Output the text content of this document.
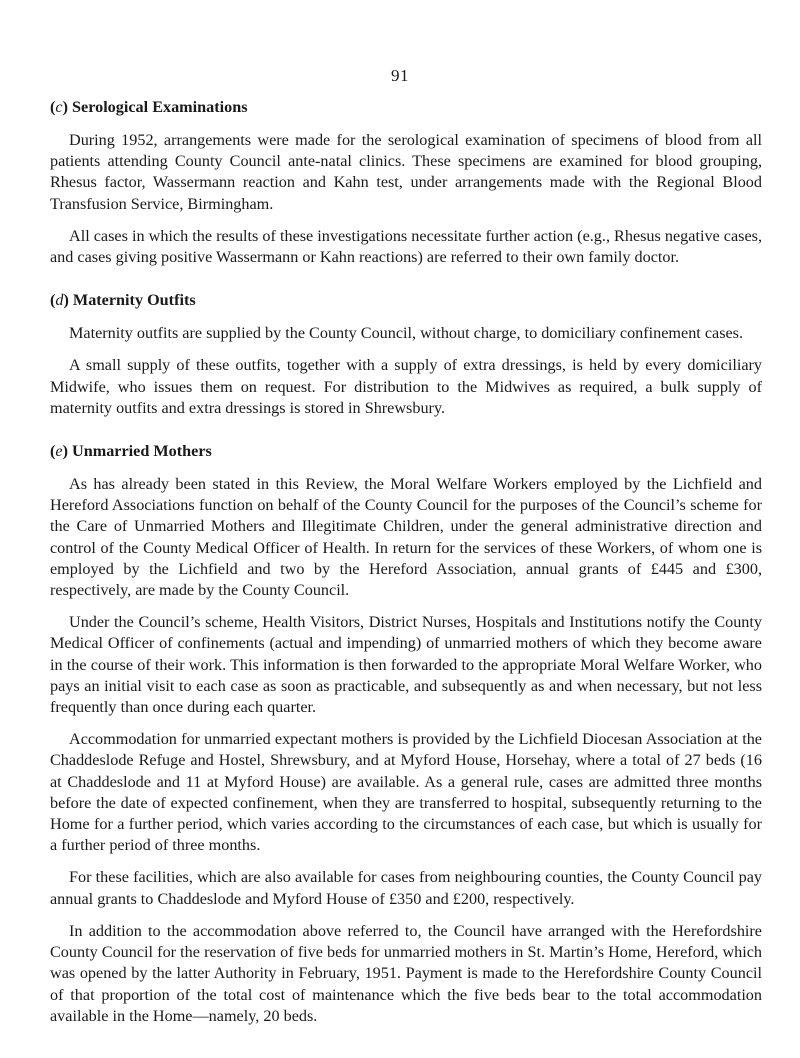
91
(c) Serological Examinations

During 1952, arrangements were made for the serological examination of specimens of blood from all patients attending County Council ante-natal clinics. These specimens are examined for blood grouping, Rhesus factor, Wassermann reaction and Kahn test, under arrangements made with the Regional Blood Transfusion Service, Birmingham.

All cases in which the results of these investigations necessitate further action (e.g., Rhesus negative cases, and cases giving positive Wassermann or Kahn reactions) are referred to their own family doctor.

(d) Maternity Outfits

Maternity outfits are supplied by the County Council, without charge, to domiciliary confinement cases.

A small supply of these outfits, together with a supply of extra dressings, is held by every domiciliary Midwife, who issues them on request. For distribution to the Midwives as required, a bulk supply of maternity outfits and extra dressings is stored in Shrewsbury.

(e) Unmarried Mothers

As has already been stated in this Review, the Moral Welfare Workers employed by the Lichfield and Hereford Associations function on behalf of the County Council for the purposes of the Council’s scheme for the Care of Unmarried Mothers and Illegitimate Children, under the general administrative direction and control of the County Medical Officer of Health. In return for the services of these Workers, of whom one is employed by the Lichfield and two by the Hereford Association, annual grants of £445 and £300, respectively, are made by the County Council.

Under the Council’s scheme, Health Visitors, District Nurses, Hospitals and Institutions notify the County Medical Officer of confinements (actual and impending) of unmarried mothers of which they become aware in the course of their work. This information is then forwarded to the appropriate Moral Welfare Worker, who pays an initial visit to each case as soon as practicable, and subsequently as and when necessary, but not less frequently than once during each quarter.

Accommodation for unmarried expectant mothers is provided by the Lichfield Diocesan Association at the Chaddeslode Refuge and Hostel, Shrewsbury, and at Myford House, Horsehay, where a total of 27 beds (16 at Chaddeslode and 11 at Myford House) are available. As a general rule, cases are admitted three months before the date of expected confinement, when they are transferred to hospital, subsequently returning to the Home for a further period, which varies according to the circumstances of each case, but which is usually for a further period of three months.

For these facilities, which are also available for cases from neighbouring counties, the County Council pay annual grants to Chaddeslode and Myford House of £350 and £200, respectively.

In addition to the accommodation above referred to, the Council have arranged with the Herefordshire County Council for the reservation of five beds for unmarried mothers in St. Martin’s Home, Hereford, which was opened by the latter Authority in February, 1951. Payment is made to the Herefordshire County Council of that proportion of the total cost of maintenance which the five beds bear to the total accommodation available in the Home—namely, 20 beds.
